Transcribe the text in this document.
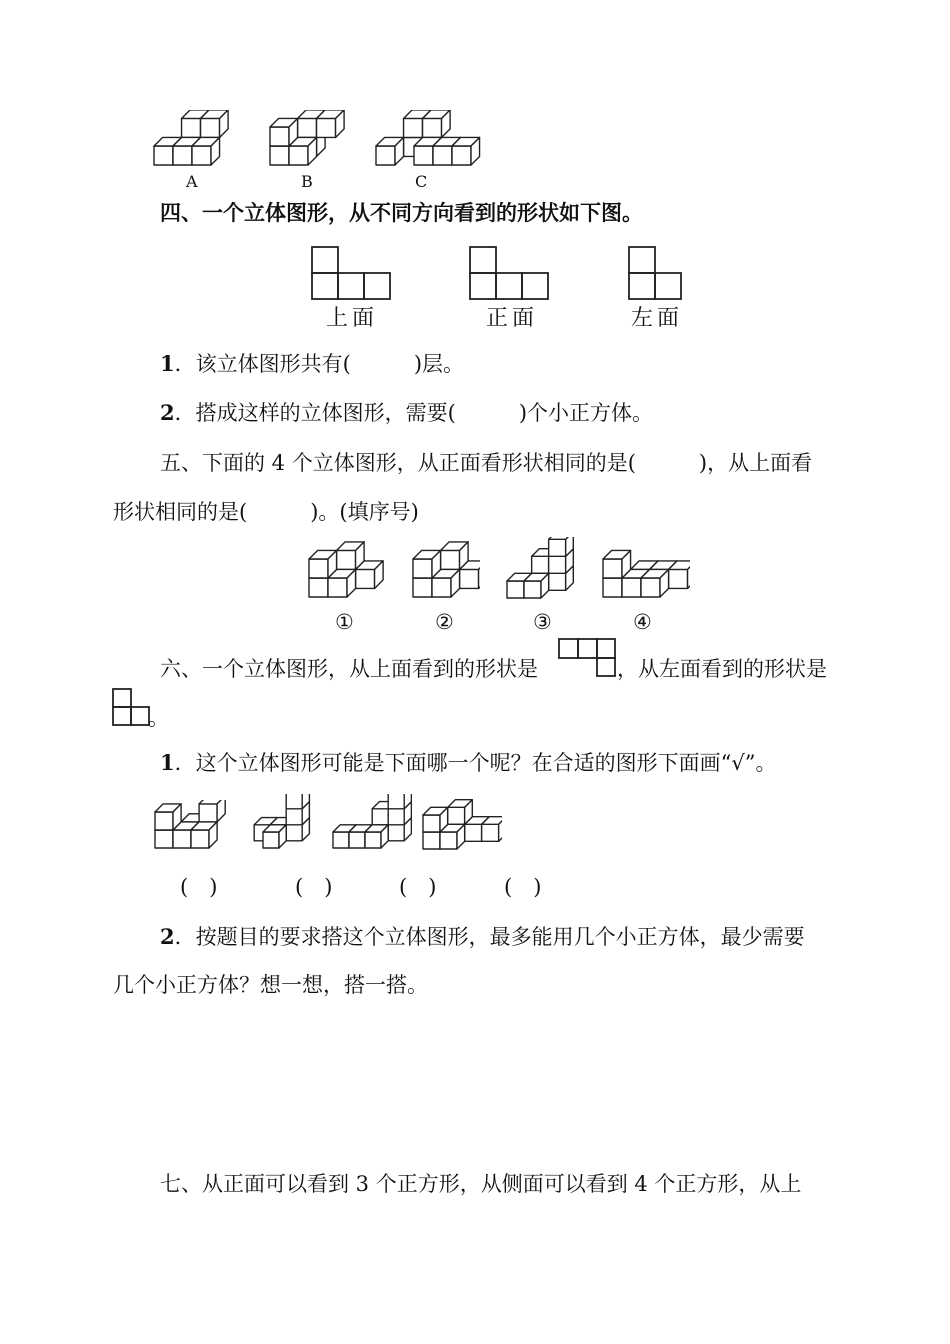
A	B	C
四、一个立体图形，从不同方向看到的形状如下图。
上面	正面	左面
1．该立体图形共有(　　　)层。
2．搭成这样的立体图形，需要(　　　)个小正方体。
五、下面的 4 个立体图形，从正面看形状相同的是(　　　)，从上面看
形状相同的是(　　　)。(填序号)
①	②	③	④
六、一个立体图形，从上面看到的形状是	，从左面看到的形状是
。
1．这个立体图形可能是下面哪一个呢？在合适的图形下面画“√”。
(　)	(　)	(　)	(　)
2．按题目的要求搭这个立体图形，最多能用几个小正方体，最少需要
几个小正方体？想一想，搭一搭。
七、从正面可以看到 3 个正方形，从侧面可以看到 4 个正方形，从上
